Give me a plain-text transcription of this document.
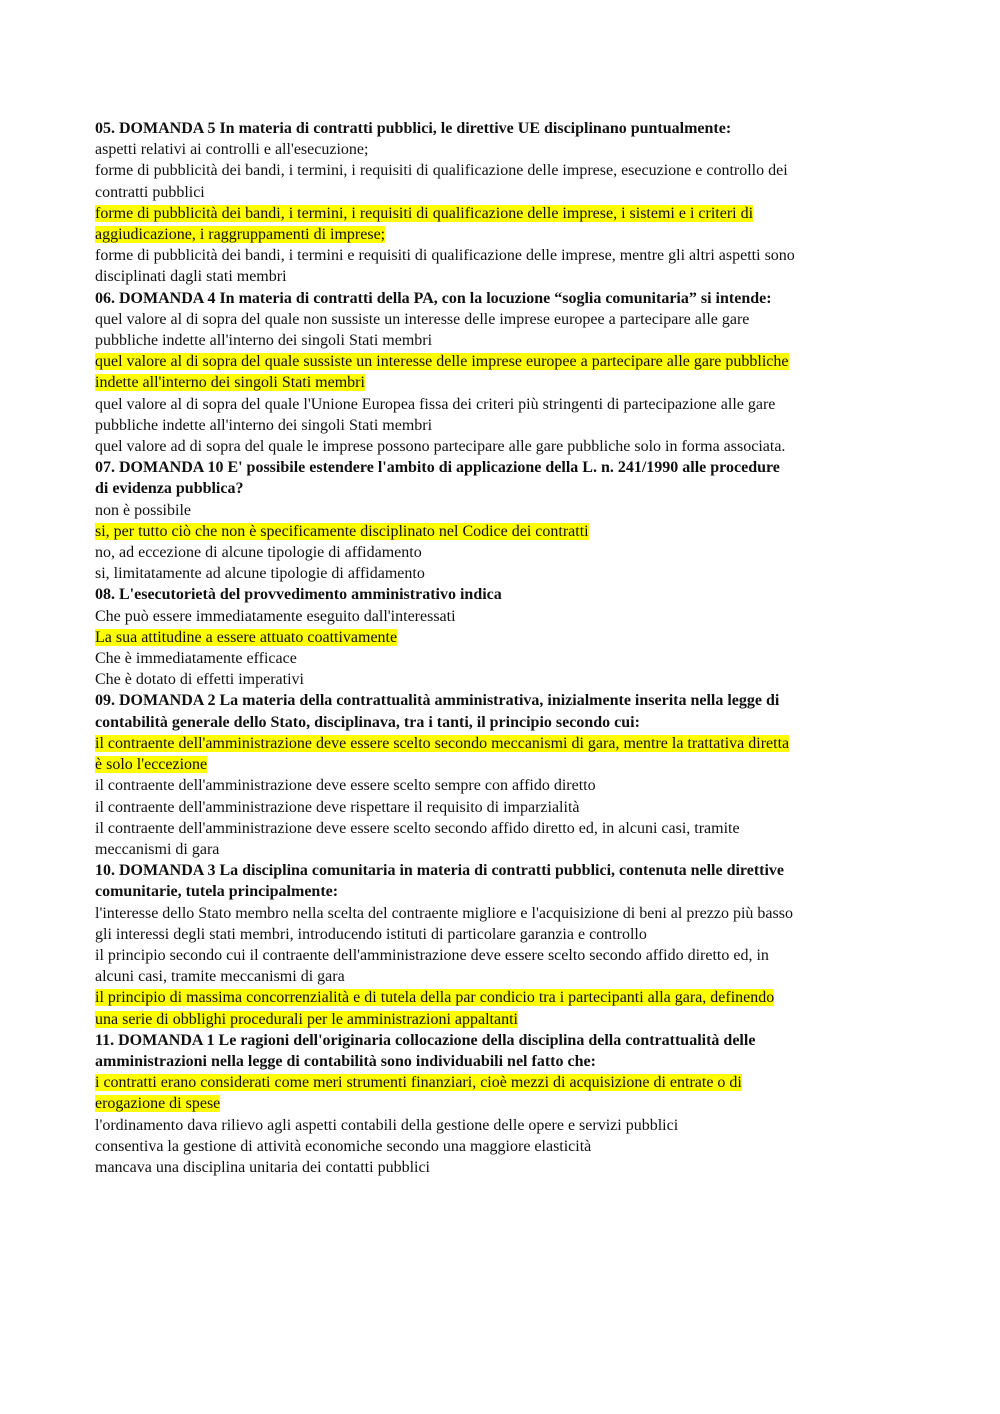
05. DOMANDA 5 In materia di contratti pubblici, le direttive UE disciplinano puntualmente:
aspetti relativi ai controlli e all'esecuzione;
forme di pubblicità dei bandi, i termini, i requisiti di qualificazione delle imprese, esecuzione e controllo dei
contratti pubblici
forme di pubblicità dei bandi, i termini, i requisiti di qualificazione delle imprese, i sistemi e i criteri di
aggiudicazione, i raggruppamenti di imprese;
forme di pubblicità dei bandi, i termini e requisiti di qualificazione delle imprese, mentre gli altri aspetti sono
disciplinati dagli stati membri
06. DOMANDA 4 In materia di contratti della PA, con la locuzione “soglia comunitaria” si intende:
quel valore al di sopra del quale non sussiste un interesse delle imprese europee a partecipare alle gare
pubbliche indette all'interno dei singoli Stati membri
quel valore al di sopra del quale sussiste un interesse delle imprese europee a partecipare alle gare pubbliche
indette all'interno dei singoli Stati membri
quel valore al di sopra del quale l'Unione Europea fissa dei criteri più stringenti di partecipazione alle gare
pubbliche indette all'interno dei singoli Stati membri
quel valore ad di sopra del quale le imprese possono partecipare alle gare pubbliche solo in forma associata.
07. DOMANDA 10 E' possibile estendere l'ambito di applicazione della L. n. 241/1990 alle procedure
di evidenza pubblica?
non è possibile
si, per tutto ciò che non è specificamente disciplinato nel Codice dei contratti
no, ad eccezione di alcune tipologie di affidamento
si, limitatamente ad alcune tipologie di affidamento
08. L'esecutorietà del provvedimento amministrativo indica
Che può essere immediatamente eseguito dall'interessati
La sua attitudine a essere attuato coattivamente
Che è immediatamente efficace
Che è dotato di effetti imperativi
09. DOMANDA 2 La materia della contrattualità amministrativa, inizialmente inserita nella legge di
contabilità generale dello Stato, disciplinava, tra i tanti, il principio secondo cui:
il contraente dell'amministrazione deve essere scelto secondo meccanismi di gara, mentre la trattativa diretta
è solo l'eccezione
il contraente dell'amministrazione deve essere scelto sempre con affido diretto
il contraente dell'amministrazione deve rispettare il requisito di imparzialità
il contraente dell'amministrazione deve essere scelto secondo affido diretto ed, in alcuni casi, tramite
meccanismi di gara
10. DOMANDA 3 La disciplina comunitaria in materia di contratti pubblici, contenuta nelle direttive
comunitarie, tutela principalmente:
l'interesse dello Stato membro nella scelta del contraente migliore e l'acquisizione di beni al prezzo più basso
gli interessi degli stati membri, introducendo istituti di particolare garanzia e controllo
il principio secondo cui il contraente dell'amministrazione deve essere scelto secondo affido diretto ed, in
alcuni casi, tramite meccanismi di gara
il principio di massima concorrenzialità e di tutela della par condicio tra i partecipanti alla gara, definendo
una serie di obblighi procedurali per le amministrazioni appaltanti
11. DOMANDA 1 Le ragioni dell'originaria collocazione della disciplina della contrattualità delle
amministrazioni nella legge di contabilità sono individuabili nel fatto che:
i contratti erano considerati come meri strumenti finanziari, cioè mezzi di acquisizione di entrate o di
erogazione di spese
l'ordinamento dava rilievo agli aspetti contabili della gestione delle opere e servizi pubblici
consentiva la gestione di attività economiche secondo una maggiore elasticità
mancava una disciplina unitaria dei contatti pubblici
